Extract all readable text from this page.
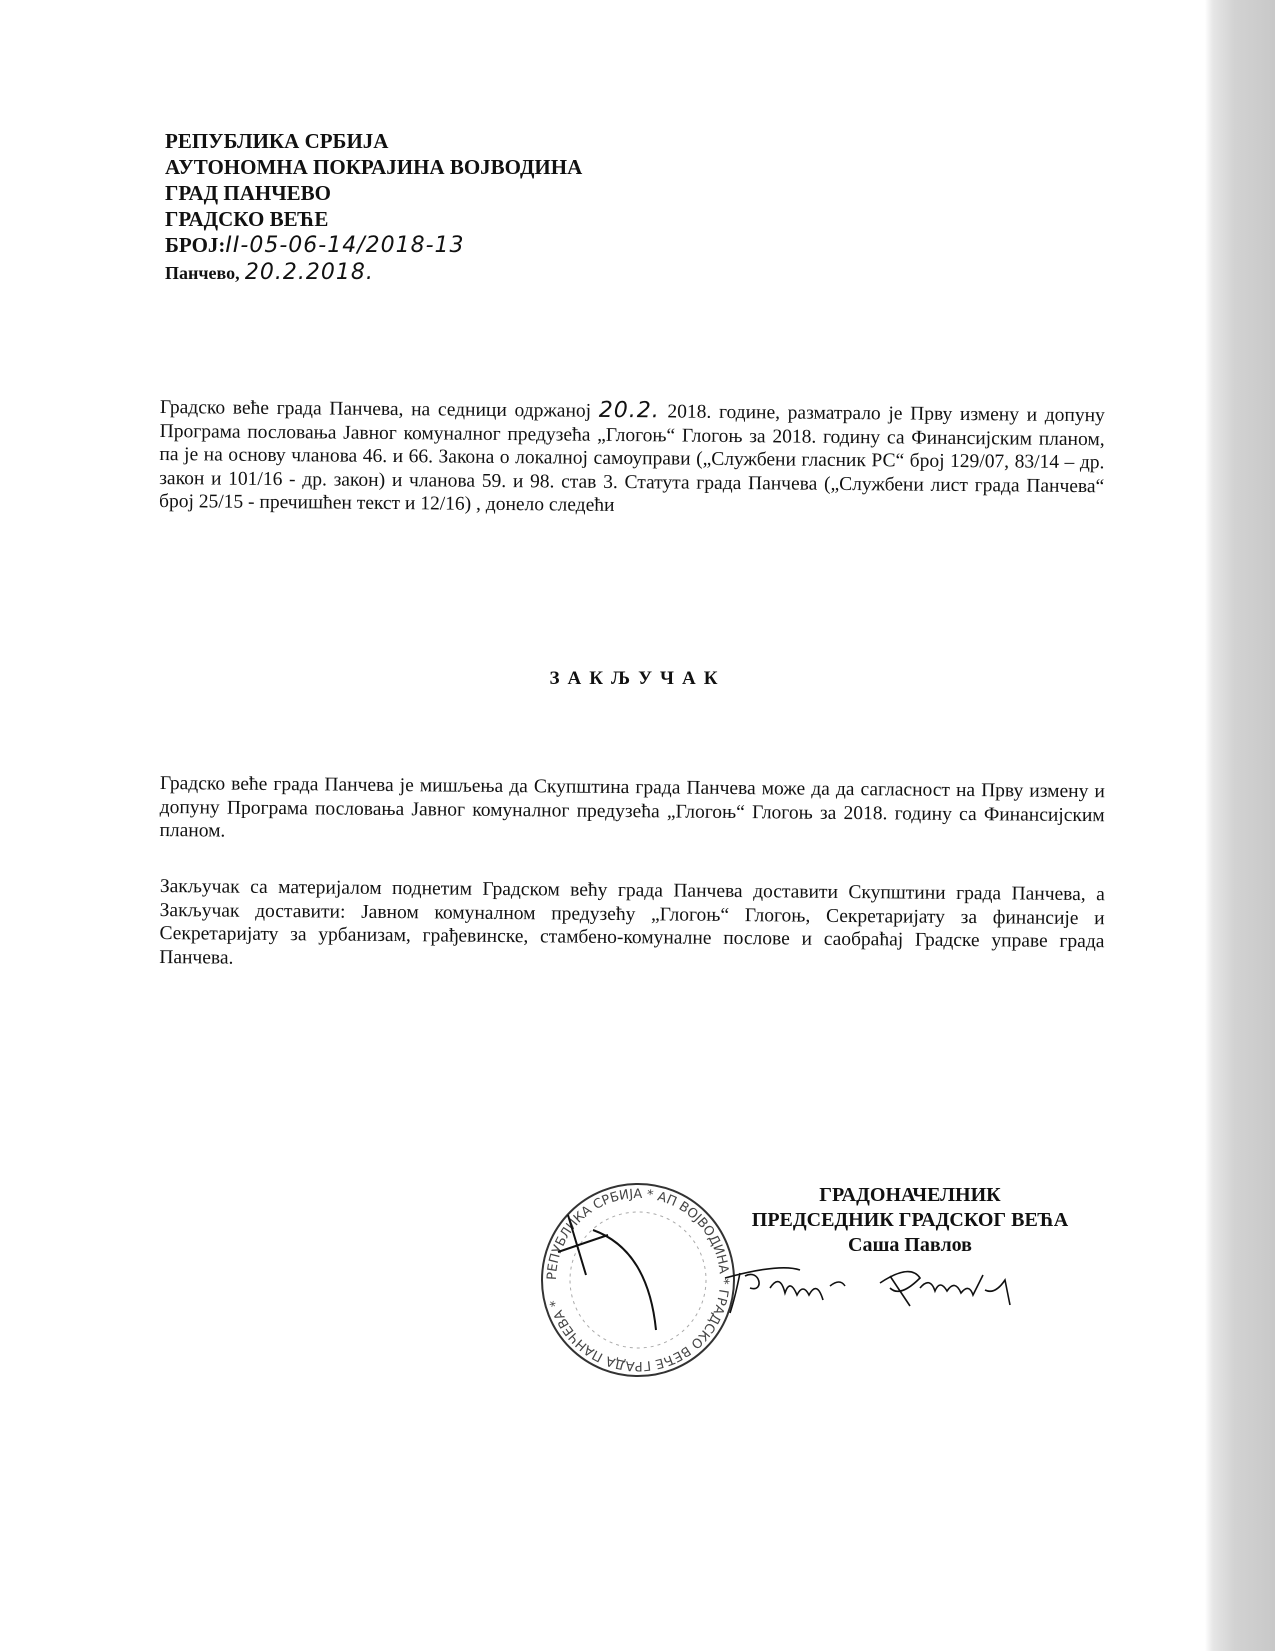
РЕПУБЛИКА СРБИЈА
АУТОНОМНА ПОКРАЈИНА ВОЈВОДИНА
ГРАД ПАНЧЕВО
ГРАДСКО ВЕЋЕ
БРОЈ:II-05-06-14/2018-13
Панчево, 20.2.2018.
Градско веће града Панчева, на седници одржаној 20.2. 2018. године, разматрало је Прву измену и допуну Програма пословања Јавног комуналног предузећа „Глогоњ“ Глогоњ за 2018. годину са Финансијским планом, па је на основу чланова 46. и 66. Закона о локалној самоуправи („Службени гласник РС“ број 129/07, 83/14 – др. закон и 101/16 - др. закон) и чланова 59. и 98. став 3. Статута града Панчева („Службени лист града Панчева“ број 25/15 - пречишћен текст и 12/16) , донело следећи
ЗАКЉУЧАК
Градско веће града Панчева је мишљења да Скупштина града Панчева може да да сагласност на Прву измену и допуну Програма пословања Јавног комуналног предузећа „Глогоњ“ Глогоњ за 2018. годину са Финансијским планом.
Закључак са материјалом поднетим Градском већу града Панчева доставити Скупштини града Панчева, а Закључак доставити: Јавном комуналном предузећу „Глогоњ“ Глогоњ, Секретаријату за финансије и Секретаријату за урбанизам, грађевинске, стамбено-комуналне послове и саобраћај Градске управе града Панчева.
РЕПУБЛИКА СРБИЈА * АП ВОЈВОДИНА * ГРАДСКО ВЕЋЕ ГРАДА ПАНЧЕВА *
ГРАДОНАЧЕЛНИК
ПРЕДСЕДНИК ГРАДСКОГ ВЕЋА
Саша Павлов
